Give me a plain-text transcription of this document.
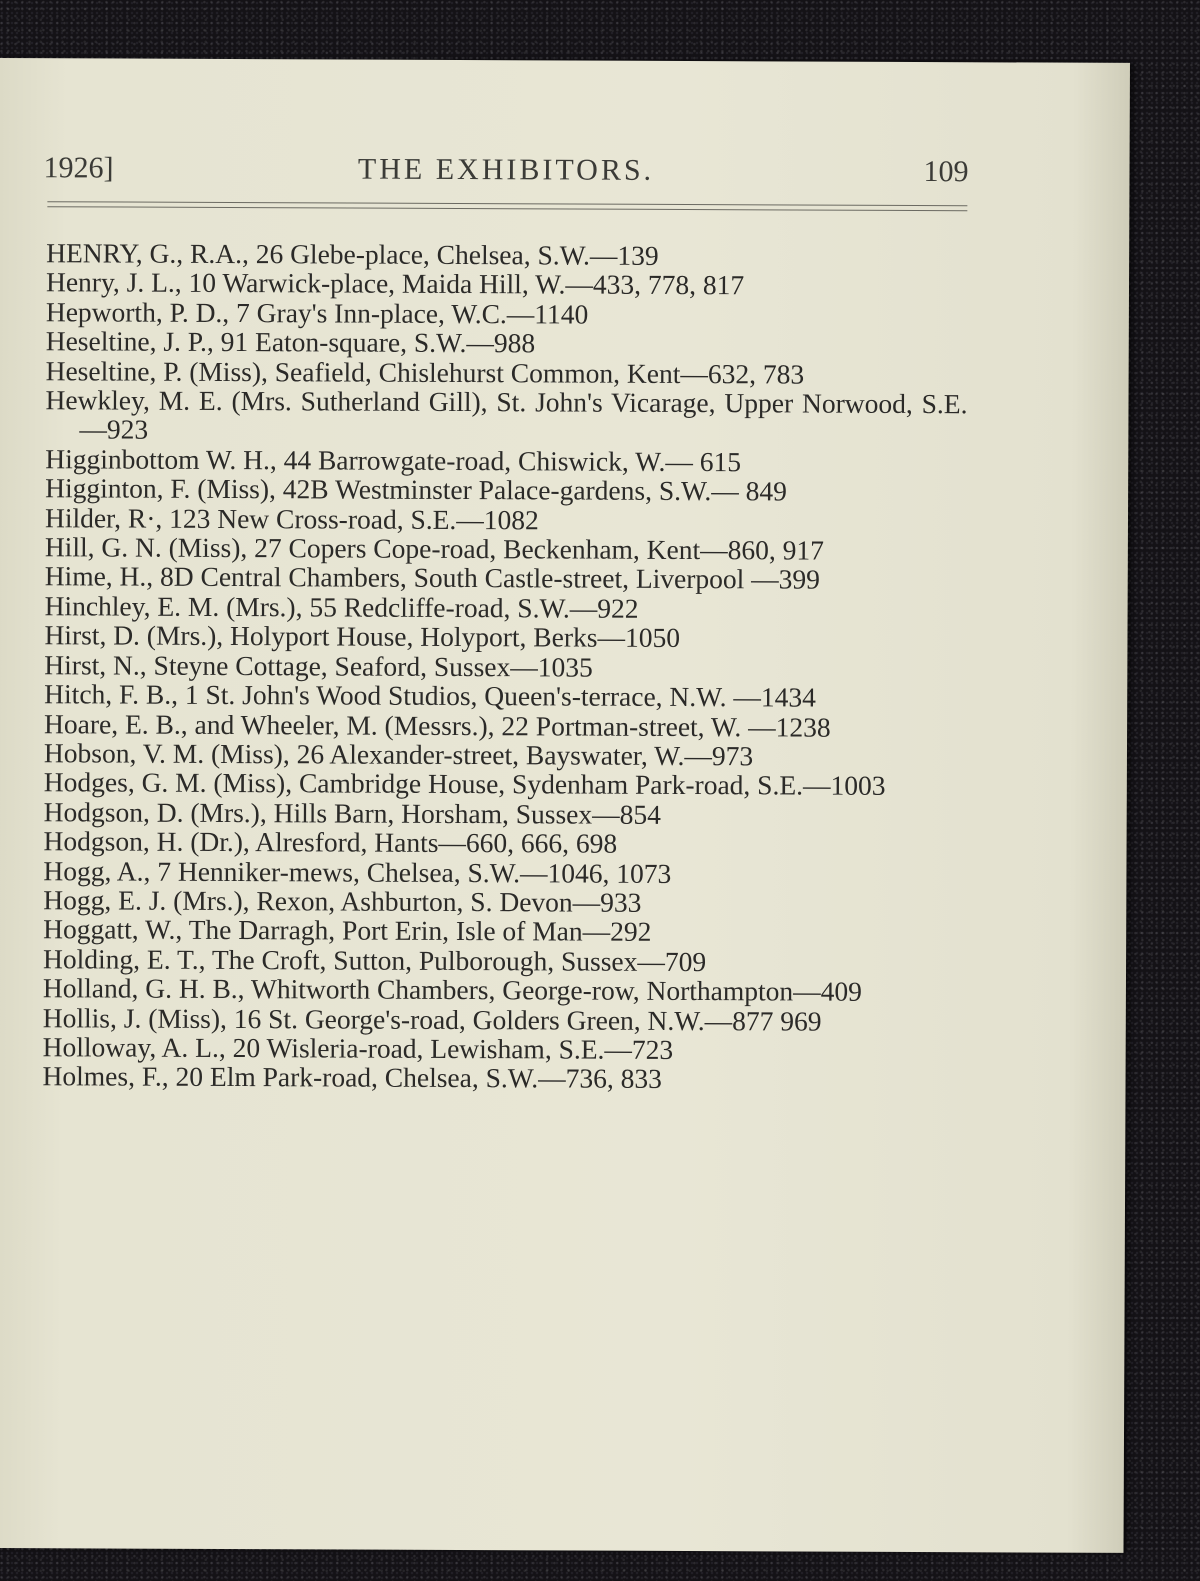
1926]	THE EXHIBITORS.	109
HENRY, G., R.A., 26 Glebe-place, Chelsea, S.W.—139
Henry, J. L., 10 Warwick-place, Maida Hill, W.—433, 778, 817
Hepworth, P. D., 7 Gray's Inn-place, W.C.—1140
Heseltine, J. P., 91 Eaton-square, S.W.—988
Heseltine, P. (Miss), Seafield, Chislehurst Common, Kent—632, 783
Hewkley, M. E. (Mrs. Sutherland Gill), St. John's Vicarage, Upper Norwood, S.E.—923
Higginbottom W. H., 44 Barrowgate-road, Chiswick, W.— 615
Higginton, F. (Miss), 42B Westminster Palace-gardens, S.W.— 849
Hilder, R·, 123 New Cross-road, S.E.—1082
Hill, G. N. (Miss), 27 Copers Cope-road, Beckenham, Kent—860, 917
Hime, H., 8D Central Chambers, South Castle-street, Liverpool —399
Hinchley, E. M. (Mrs.), 55 Redcliffe-road, S.W.—922
Hirst, D. (Mrs.), Holyport House, Holyport, Berks—1050
Hirst, N., Steyne Cottage, Seaford, Sussex—1035
Hitch, F. B., 1 St. John's Wood Studios, Queen's-terrace, N.W. —1434
Hoare, E. B., and Wheeler, M. (Messrs.), 22 Portman-street, W. —1238
Hobson, V. M. (Miss), 26 Alexander-street, Bayswater, W.—973
Hodges, G. M. (Miss), Cambridge House, Sydenham Park-road, S.E.—1003
Hodgson, D. (Mrs.), Hills Barn, Horsham, Sussex—854
Hodgson, H. (Dr.), Alresford, Hants—660, 666, 698
Hogg, A., 7 Henniker-mews, Chelsea, S.W.—1046, 1073
Hogg, E. J. (Mrs.), Rexon, Ashburton, S. Devon—933
Hoggatt, W., The Darragh, Port Erin, Isle of Man—292
Holding, E. T., The Croft, Sutton, Pulborough, Sussex—709
Holland, G. H. B., Whitworth Chambers, George-row, Northampton—409
Hollis, J. (Miss), 16 St. George's-road, Golders Green, N.W.—877 969
Holloway, A. L., 20 Wisleria-road, Lewisham, S.E.—723
Holmes, F., 20 Elm Park-road, Chelsea, S.W.—736, 833
